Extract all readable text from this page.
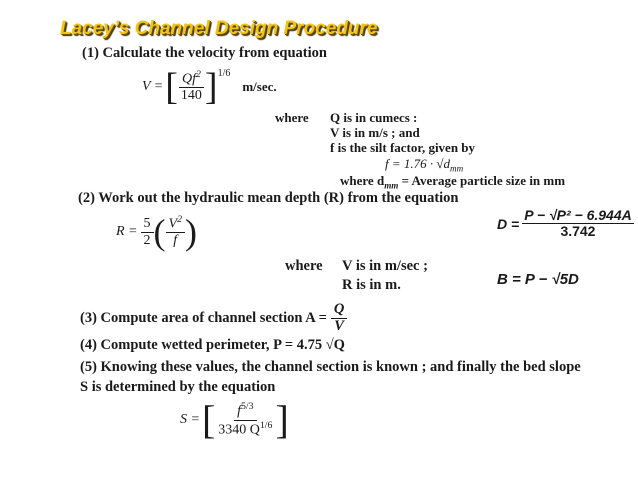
Lacey’s Channel Design Procedure
(1) Calculate the velocity from equation
V = [ $\frac{Qf^2}{140} ]^{1/6}$
m/sec.
where Q is in cumecs :
V is in m/s ; and
f is the silt factor, given by
$f = 1.76 \cdot √d_{mm}$
where $d_{mm}$ = Average particle size in mm
(2) Work out the hydraulic mean depth (R) from the equation
$R = \frac{5}{2}$ ( $\frac{V^2}{f}$ )	$D = \frac{\text{P − √P² − 6.944A}}{3.742}$
where V is in m/sec ;
R is in m.	B = P − √5D
(3) Compute area of channel section $A = \frac{Q}{V}$
(4) Compute wetted perimeter, P = 4.75 √Q
(5) Knowing these values, the channel section is known ; and finally the bed slope
S is determined by the equation
S = [ $\frac{f^{5/3}}{3340 Q^{1/6}}$ ]
